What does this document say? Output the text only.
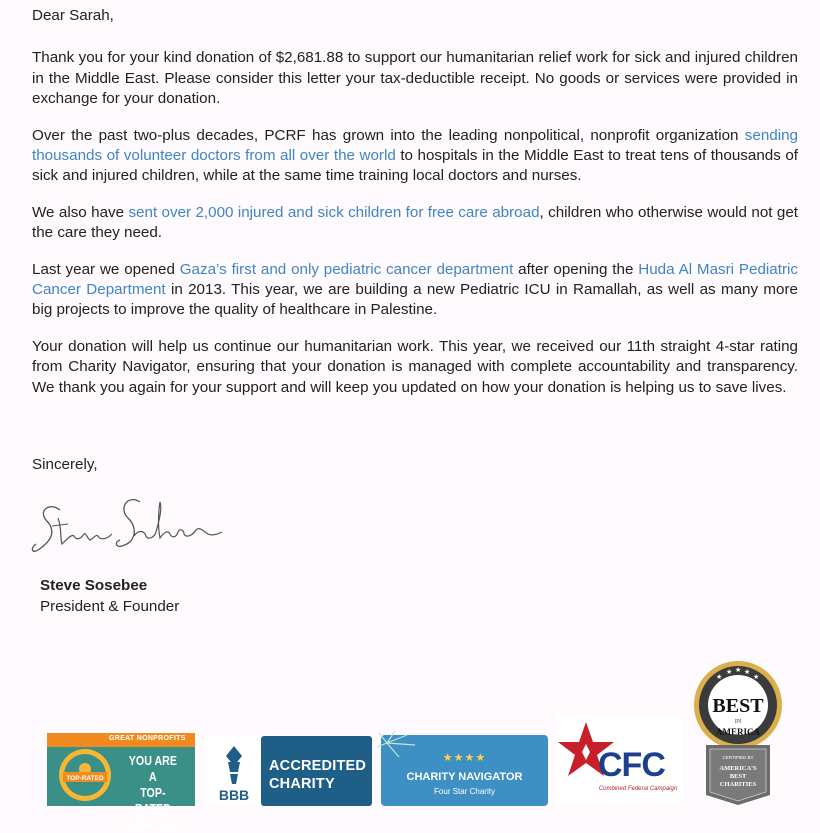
Dear Sarah,

Thank you for your kind donation of $2,681.88 to support our humanitarian relief work for sick and injured children in the Middle East. Please consider this letter your tax-deductible receipt. No goods or services were provided in exchange for your donation.

Over the past two-plus decades, PCRF has grown into the leading nonpolitical, nonprofit organization sending thousands of volunteer doctors from all over the world to hospitals in the Middle East to treat tens of thousands of sick and injured children, while at the same time training local doctors and nurses.

We also have sent over 2,000 injured and sick children for free care abroad, children who otherwise would not get the care they need.

Last year we opened Gaza’s first and only pediatric cancer department after opening the Huda Al Masri Pediatric Cancer Department in 2013. This year, we are building a new Pediatric ICU in Ramallah, as well as many more big projects to improve the quality of healthcare in Palestine.

Your donation will help us continue our humanitarian work. This year, we received our 11th straight 4-star rating from Charity Navigator, ensuring that your donation is managed with complete accountability and transparency. We thank you again for your support and will keep you updated on how your donation is helping us to save lives.

Sincerely,
Steve Sosebee
President & Founder
GREAT NONPROFITS
TOP-RATED
YOU ARE A
TOP-RATED
NONPROFIT
BBB
ACCREDITED
CHARITY
★★★★
CHARITY NAVIGATOR
Four Star Charity
CFC
Combined Federal Campaign
BEST
IN
AMERICA
★
★ ★ ★
★
CERTIFIED BY
AMERICA'S
BEST
CHARITIES
